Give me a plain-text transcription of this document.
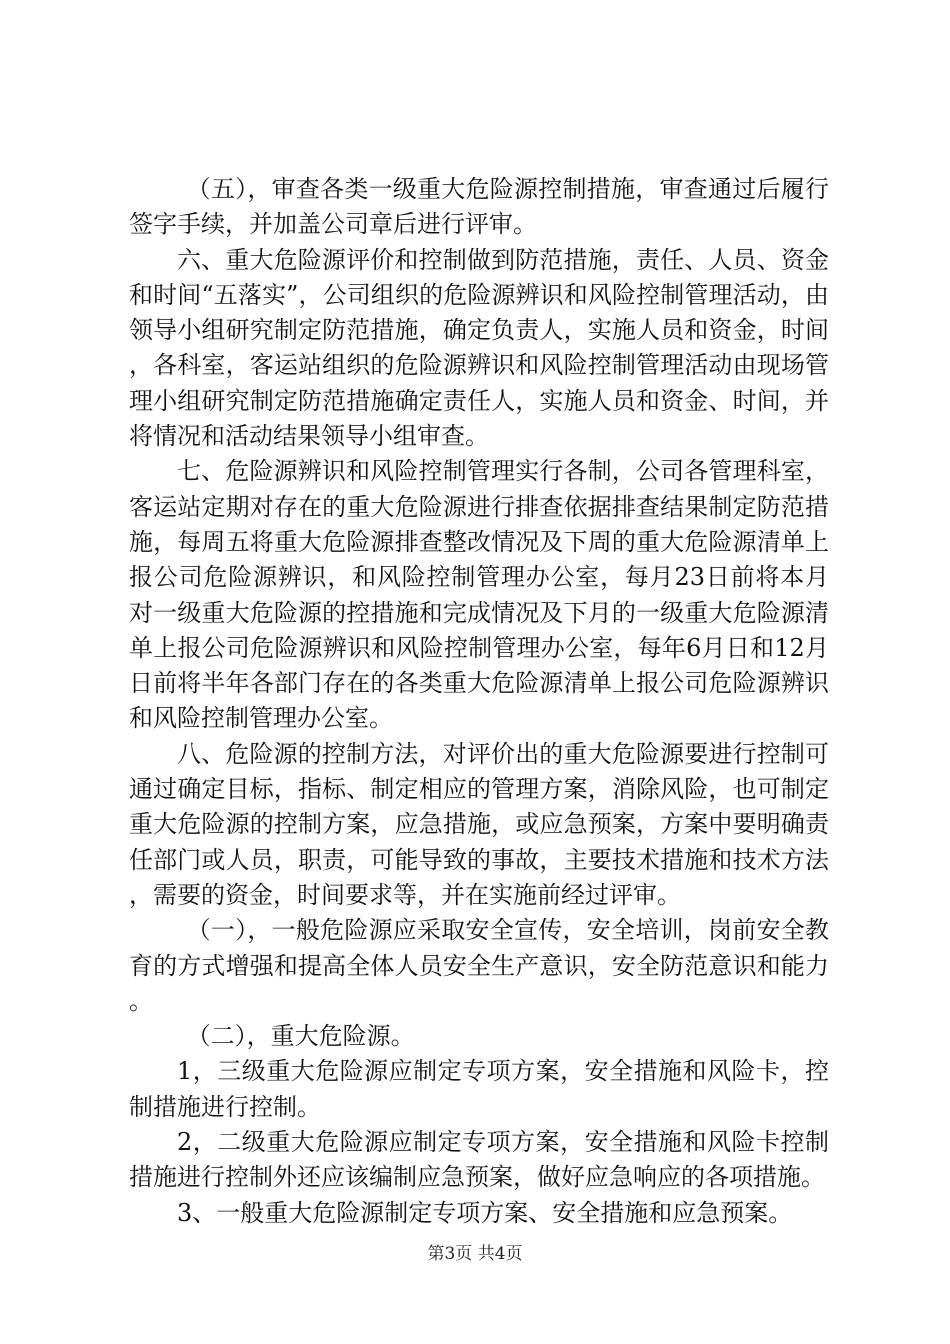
（五），审查各类一级重大危险源控制措施，审查通过后履行签字手续，并加盖公司章后进行评审。

六、重大危险源评价和控制做到防范措施，责任、人员、资金和时间“五落实”，公司组织的危险源辨识和风险控制管理活动，由领导小组研究制定防范措施，确定负责人，实施人员和资金，时间，各科室，客运站组织的危险源辨识和风险控制管理活动由现场管理小组研究制定防范措施确定责任人，实施人员和资金、时间，并将情况和活动结果领导小组审查。

七、危险源辨识和风险控制管理实行各制，公司各管理科室，客运站定期对存在的重大危险源进行排查依据排查结果制定防范措施，每周五将重大危险源排查整改情况及下周的重大危险源清单上报公司危险源辨识，和风险控制管理办公室，每月23日前将本月对一级重大危险源的控措施和完成情况及下月的一级重大危险源清单上报公司危险源辨识和风险控制管理办公室，每年6月日和12月日前将半年各部门存在的各类重大危险源清单上报公司危险源辨识和风险控制管理办公室。

八、危险源的控制方法，对评价出的重大危险源要进行控制可通过确定目标，指标、制定相应的管理方案，消除风险，也可制定重大危险源的控制方案，应急措施，或应急预案，方案中要明确责任部门或人员，职责，可能导致的事故，主要技术措施和技术方法，需要的资金，时间要求等，并在实施前经过评审。

（一），一般危险源应采取安全宣传，安全培训，岗前安全教育的方式增强和提高全体人员安全生产意识，安全防范意识和能力。

（二），重大危险源。

1，三级重大危险源应制定专项方案，安全措施和风险卡，控制措施进行控制。

2，二级重大危险源应制定专项方案，安全措施和风险卡控制措施进行控制外还应该编制应急预案，做好应急响应的各项措施。

3、一般重大危险源制定专项方案、安全措施和应急预案。

第3页 共4页
